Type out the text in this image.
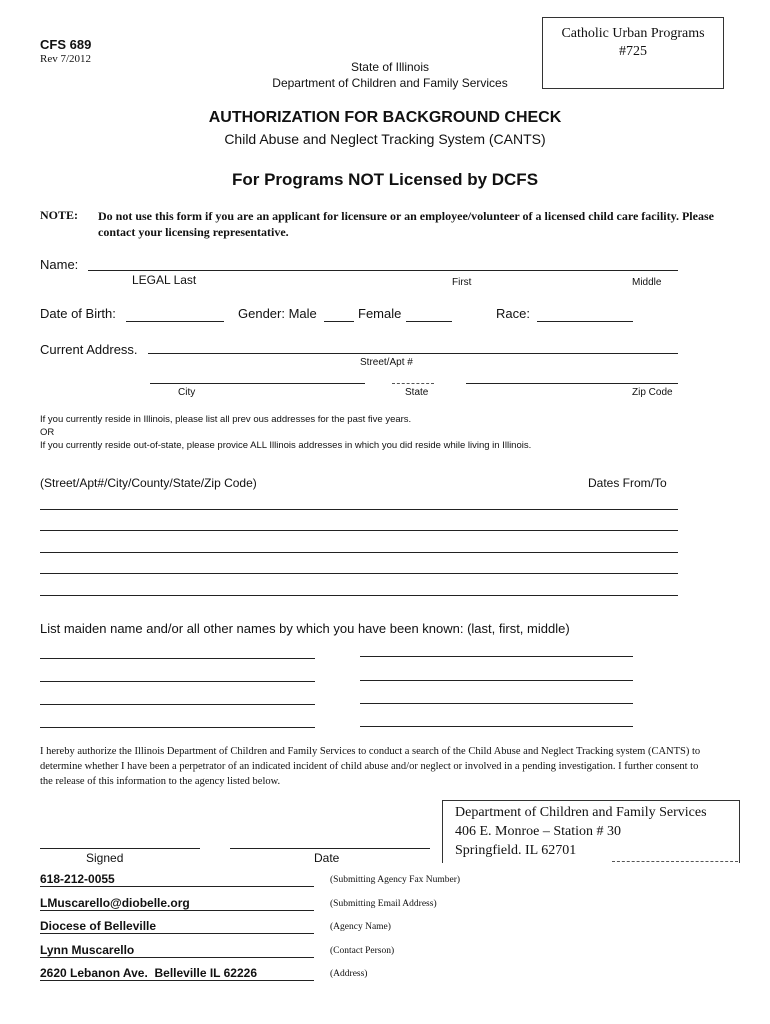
CFS 689
Rev 7/2012
State of Illinois
Department of Children and Family Services
Catholic Urban Programs
#725
AUTHORIZATION FOR BACKGROUND CHECK
Child Abuse and Neglect Tracking System (CANTS)
For Programs NOT Licensed by DCFS
NOTE: Do not use this form if you are an applicant for licensure or an employee/volunteer of a licensed child care facility. Please contact your licensing representative.
Name:
LEGAL Last	First	Middle
Date of Birth:	Gender: Male	Female	Race:
Current Address.
Street/Apt #
City	State	Zip Code
If you currently reside in Illinois, please list all prev ous addresses for the past five years.
OR
If you currently reside out-of-state, please provice ALL Illinois addresses in which you did reside while living in Illinois.
(Street/Apt#/City/County/State/Zip Code)	Dates From/To
List maiden name and/or all other names by which you have been known: (last, first, middle)
I hereby authorize the Illinois Department of Children and Family Services to conduct a search of the Child Abuse and Neglect Tracking system (CANTS) to determine whether I have been a perpetrator of an indicated incident of child abuse and/or neglect or involved in a pending investigation. I further consent to the release of this information to the agency listed below.
Department of Children and Family Services
406 E. Monroe – Station # 30
Springfield. IL 62701
Signed	Date
618-212-0055	(Submitting Agency Fax Number)
LMuscarello@diobelle.org	(Submitting Email Address)
Diocese of Belleville	(Agency Name)
Lynn Muscarello	(Contact Person)
2620 Lebanon Ave.  Belleville IL 62226	(Address)
